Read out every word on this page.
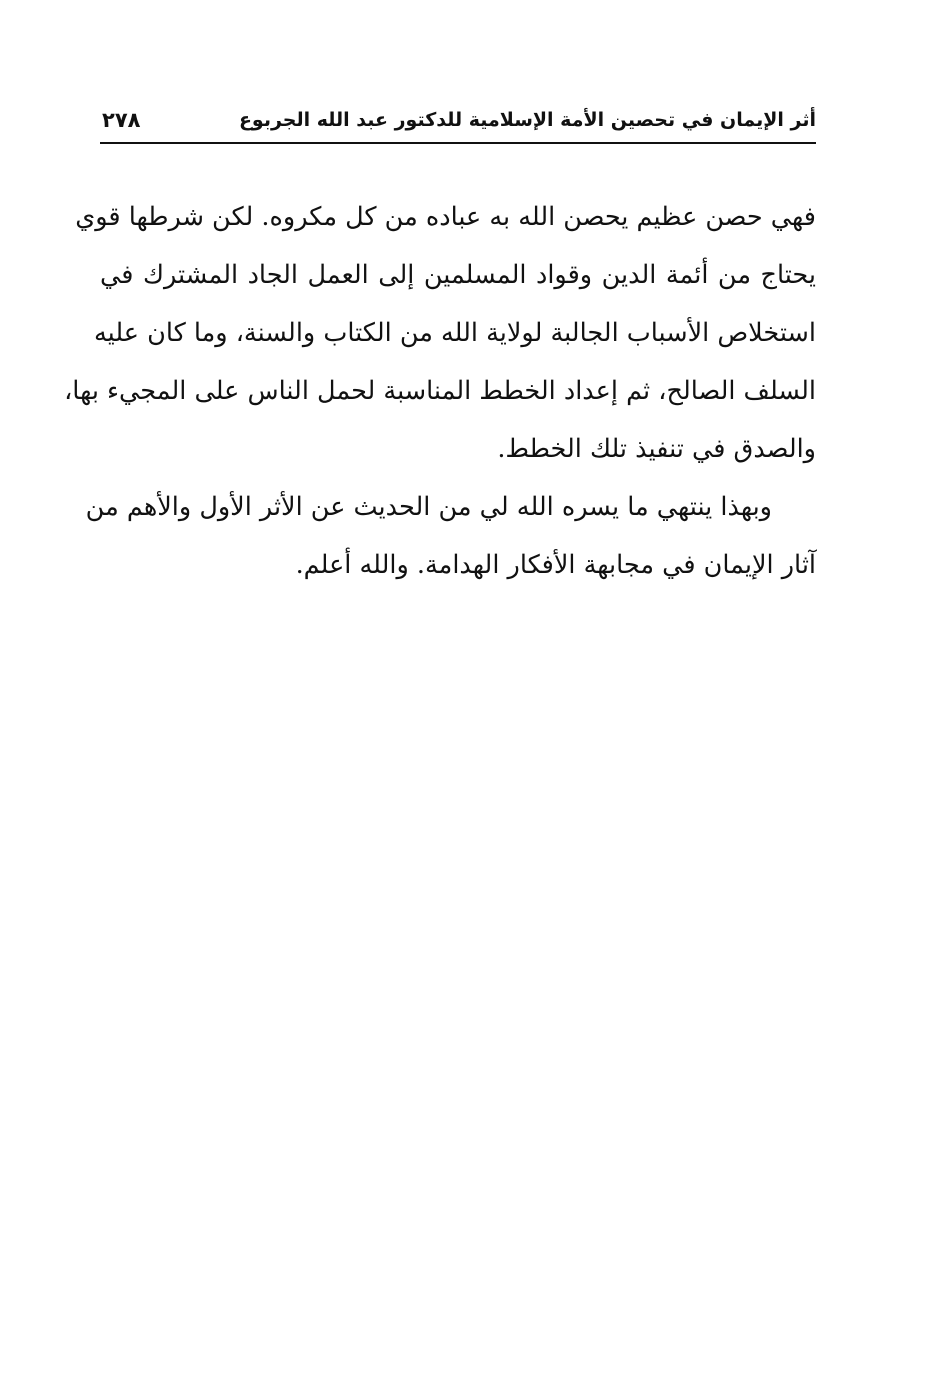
أثر الإيمان في تحصين الأمة الإسلامية للدكتور عبد الله الجربوع
٢٧٨

فهي حصن عظيم يحصن الله به عباده من كل مكروه. لكن شرطها قوي
يحتاج من أئمة الدين وقواد المسلمين إلى العمل الجاد المشترك في
استخلاص الأسباب الجالبة لولاية الله من الكتاب والسنة، وما كان عليه
السلف الصالح، ثم إعداد الخطط المناسبة لحمل الناس على المجيء بها،
والصدق في تنفيذ تلك الخطط.

وبهذا ينتهي ما يسره الله لي من الحديث عن الأثر الأول والأهم من
آثار الإيمان في مجابهة الأفكار الهدامة. والله أعلم.
